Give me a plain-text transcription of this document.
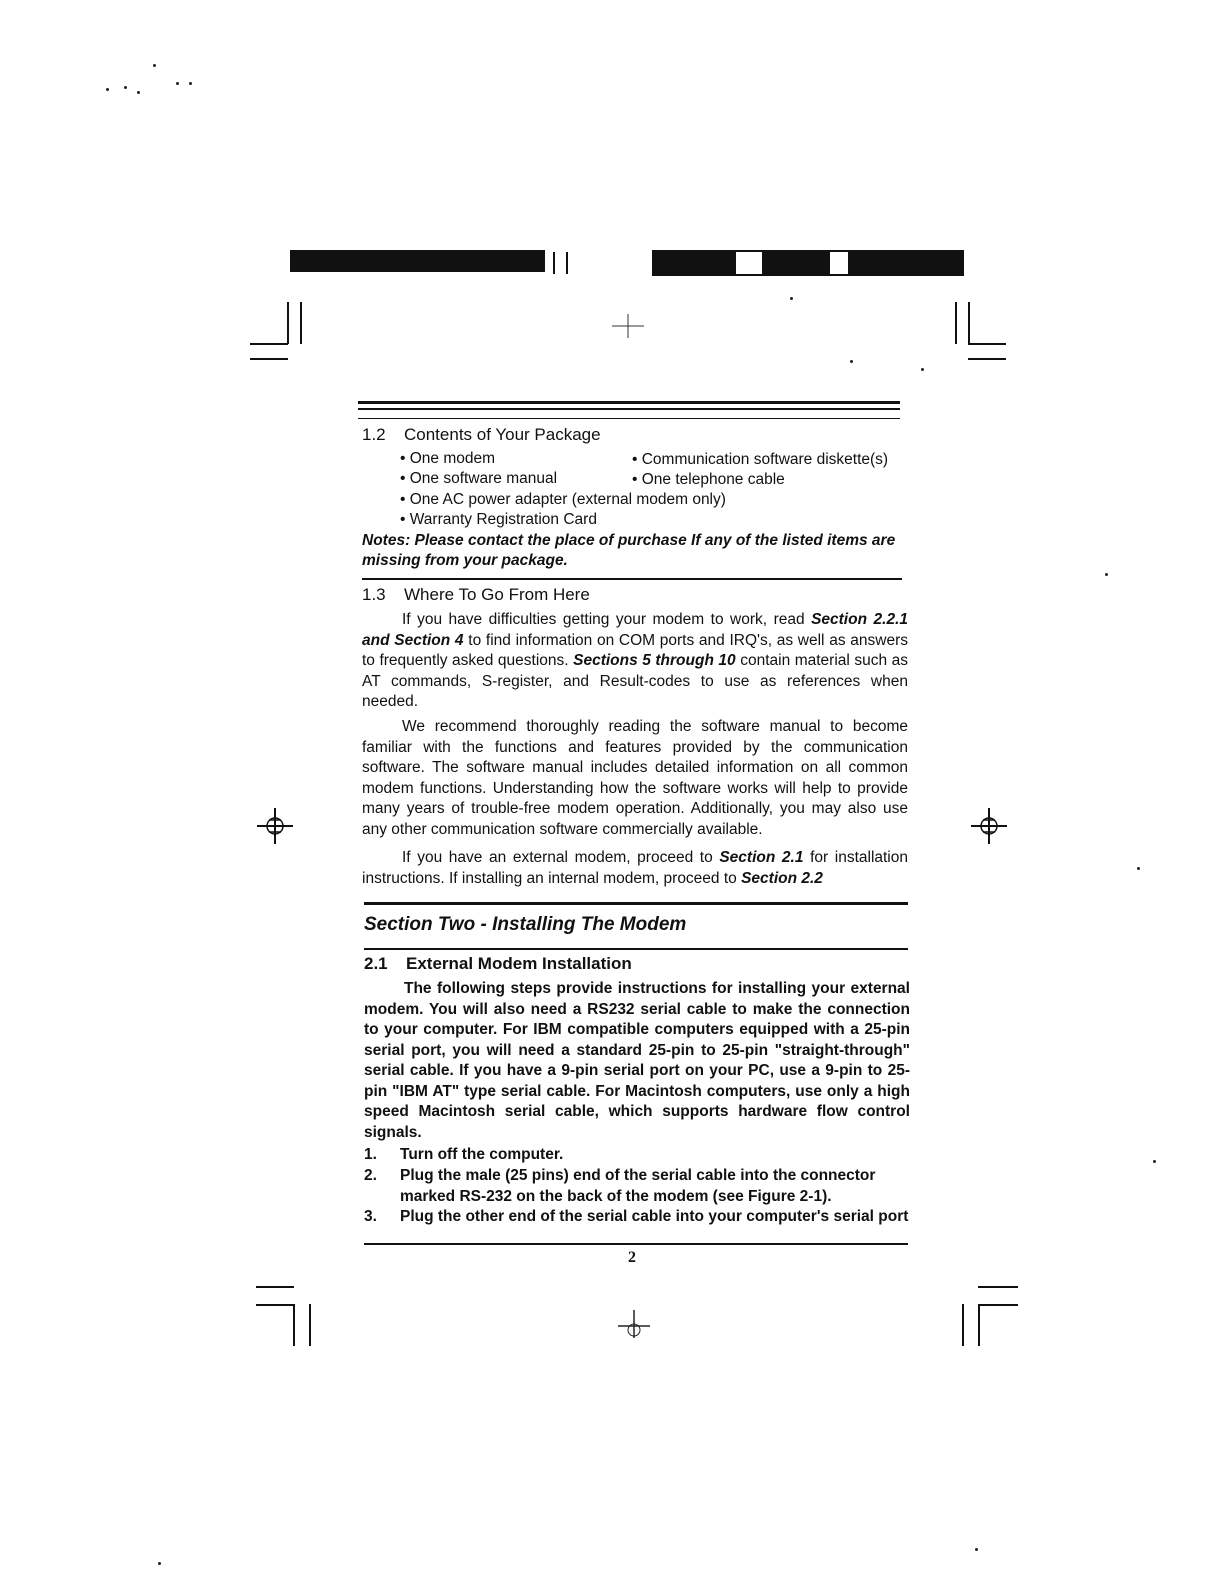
1.2 Contents of Your Package
• One modem	• Communication software diskette(s)
• One software manual	• One telephone cable
• One AC power adapter (external modem only)
• Warranty Registration Card
Notes: Please contact the place of purchase If any of the listed items are missing from your package.
1.3 Where To Go From Here

If you have difficulties getting your modem to work, read Section 2.2.1 and Section 4 to find information on COM ports and IRQ's, as well as answers to frequently asked questions. Sections 5 through 10 contain material such as AT commands, S-register, and Result-codes to use as references when needed.

We recommend thoroughly reading the software manual to become familiar with the functions and features provided by the communication software. The software manual includes detailed information on all common modem functions. Understanding how the software works will help to provide many years of trouble-free modem operation. Additionally, you may also use any other communication software commercially available.

If you have an external modem, proceed to Section 2.1 for installation instructions. If installing an internal modem, proceed to Section 2.2

Section Two - Installing The Modem
2.1 External Modem Installation

The following steps provide instructions for installing your external modem. You will also need a RS232 serial cable to make the connection to your computer. For IBM compatible computers equipped with a 25-pin serial port, you will need a standard 25-pin to 25-pin "straight-through" serial cable. If you have a 9-pin serial port on your PC, use a 9-pin to 25-pin "IBM AT" type serial cable. For Macintosh computers, use only a high speed Macintosh serial cable, which supports hardware flow control signals.

1. Turn off the computer.
2. Plug the male (25 pins) end of the serial cable into the connector
marked RS-232 on the back of the modem (see Figure 2-1).
3. Plug the other end of the serial cable into your computer's serial port
2
